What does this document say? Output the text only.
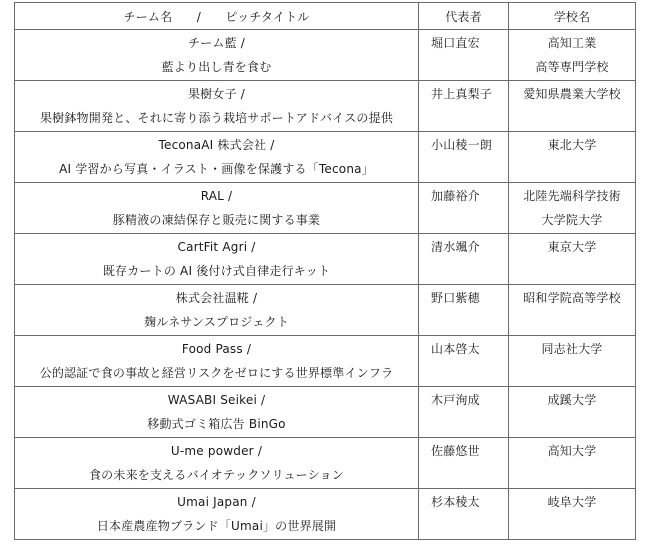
チーム名　　/　　ピッチタイトル	代表者	学校名

チーム藍 /
藍より出し青を食む	堀口直宏	高知工業
高等専門学校

果樹女子 /
果樹鉢物開発と、それに寄り添う栽培サポートアドバイスの提供	井上真梨子	愛知県農業大学校

TeconaAI 株式会社 /
AI 学習から写真・イラスト・画像を保護する「Tecona」	小山稜一朗	東北大学

RAL /
豚精液の凍結保存と販売に関する事業	加藤裕介	北陸先端科学技術
大学院大学

CartFit Agri /
既存カートの AI 後付け式自律走行キット	清水颯介	東京大学

株式会社温糀 /
麹ルネサンスプロジェクト	野口紫穂	昭和学院高等学校

Food Pass /
公的認証で食の事故と経営リスクをゼロにする世界標準インフラ	山本啓太	同志社大学

WASABI Seikei /
移動式ゴミ箱広告 BinGo	木戸洵成	成蹊大学

U-me powder /
食の未来を支えるバイオテックソリューション	佐藤悠世	高知大学

Umai Japan /
日本産農産物ブランド「Umai」の世界展開	杉本稜太	岐阜大学
